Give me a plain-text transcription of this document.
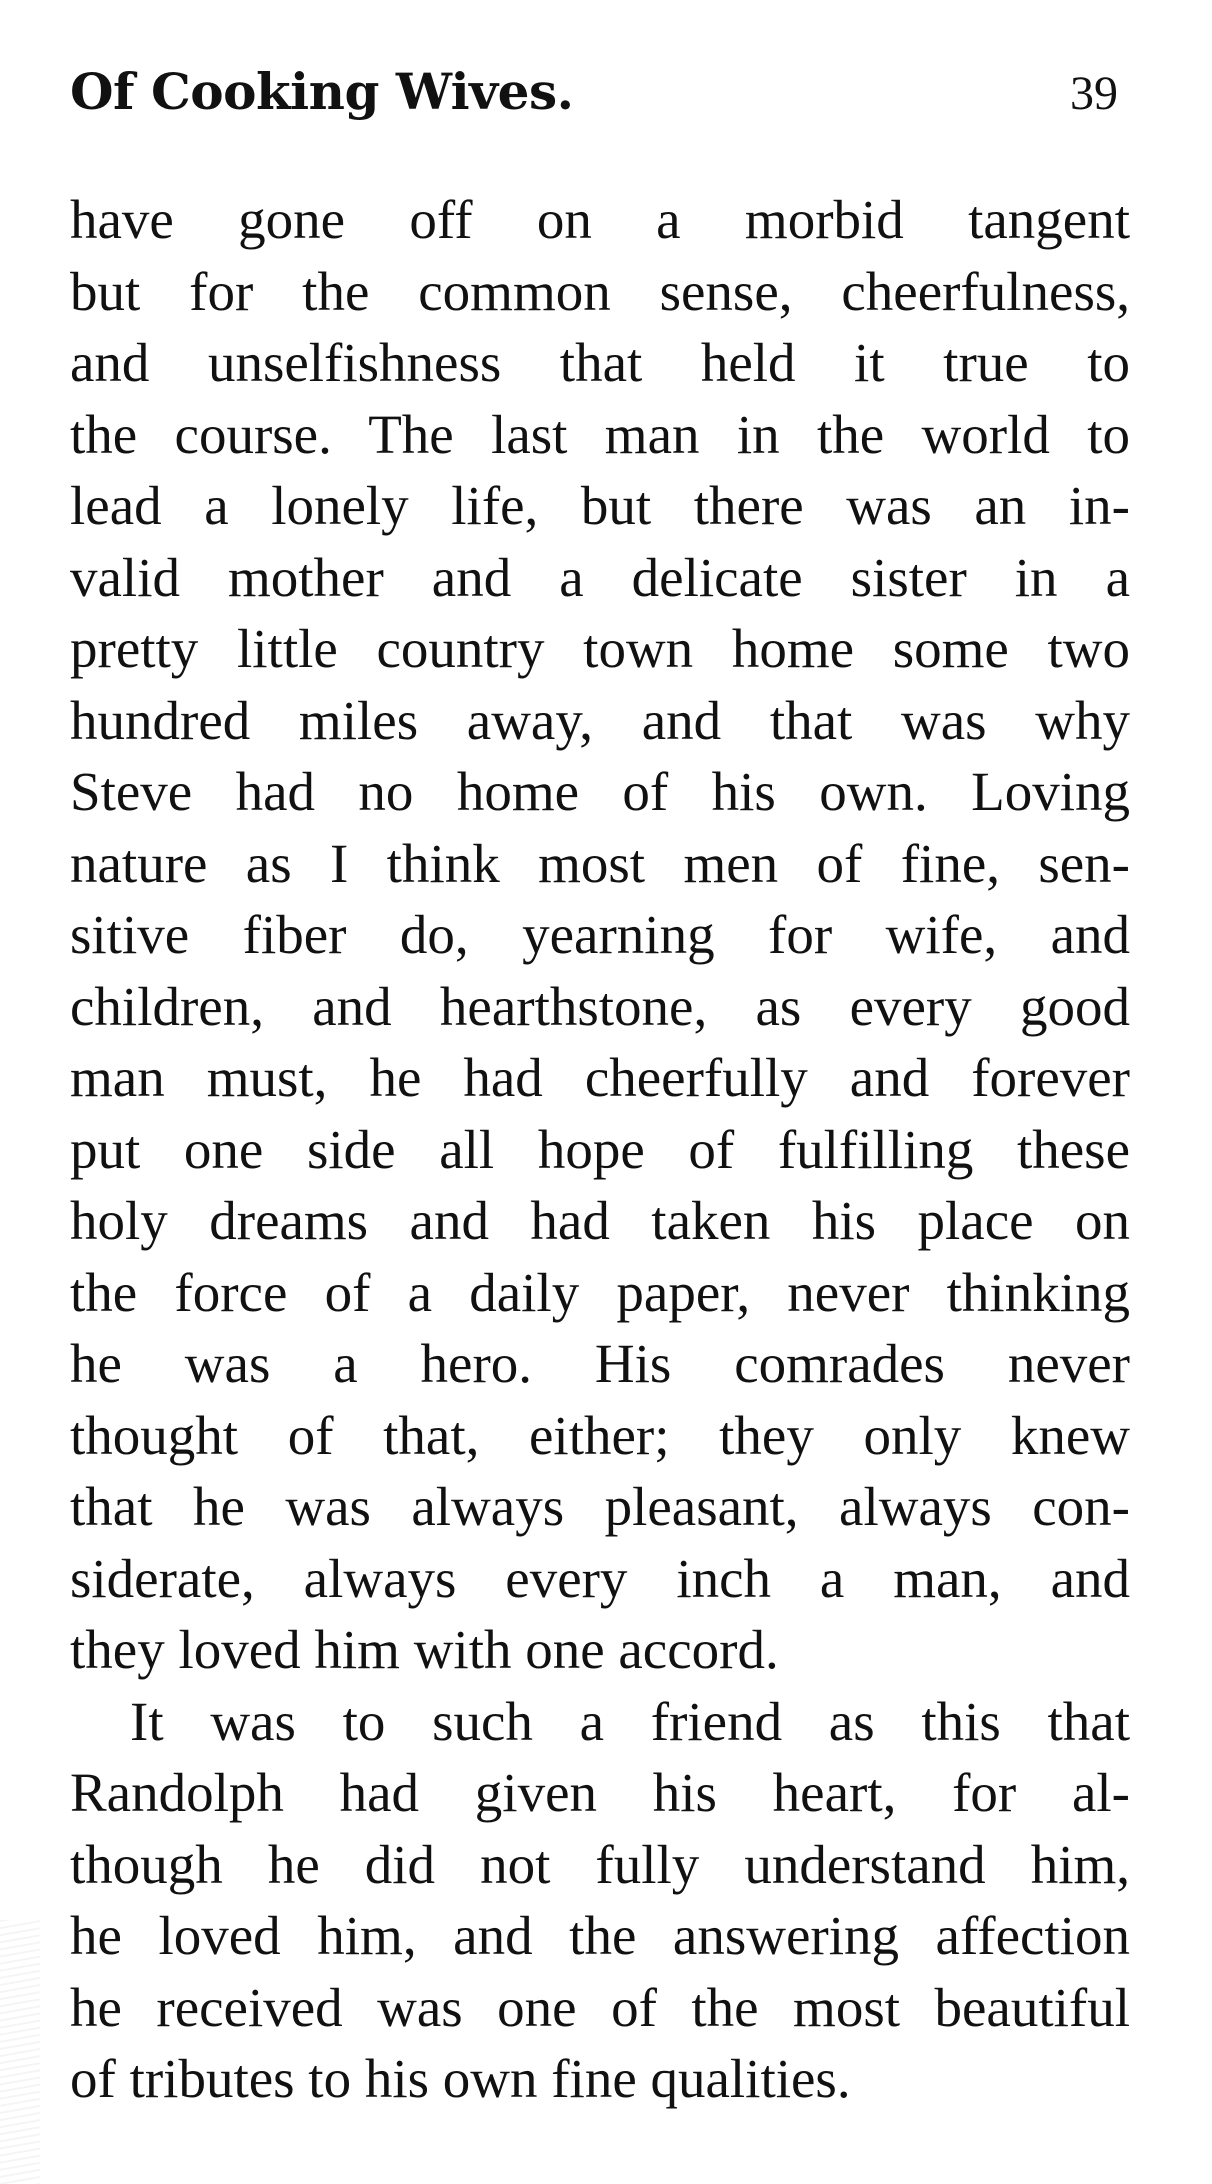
Of Cooking Wives.	39
have gone off on a morbid tangent
but for the common sense, cheerfulness,
and unselfishness that held it true to
the course. The last man in the world to
lead a lonely life, but there was an in-
valid mother and a delicate sister in a
pretty little country town home some two
hundred miles away, and that was why
Steve had no home of his own. Loving
nature as I think most men of fine, sen-
sitive fiber do, yearning for wife, and
children, and hearthstone, as every good
man must, he had cheerfully and forever
put one side all hope of fulfilling these
holy dreams and had taken his place on
the force of a daily paper, never thinking
he was a hero. His comrades never
thought of that, either; they only knew
that he was always pleasant, always con-
siderate, always every inch a man, and
they loved him with one accord.
It was to such a friend as this that
Randolph had given his heart, for al-
though he did not fully understand him,
he loved him, and the answering affection
he received was one of the most beautiful
of tributes to his own fine qualities.
